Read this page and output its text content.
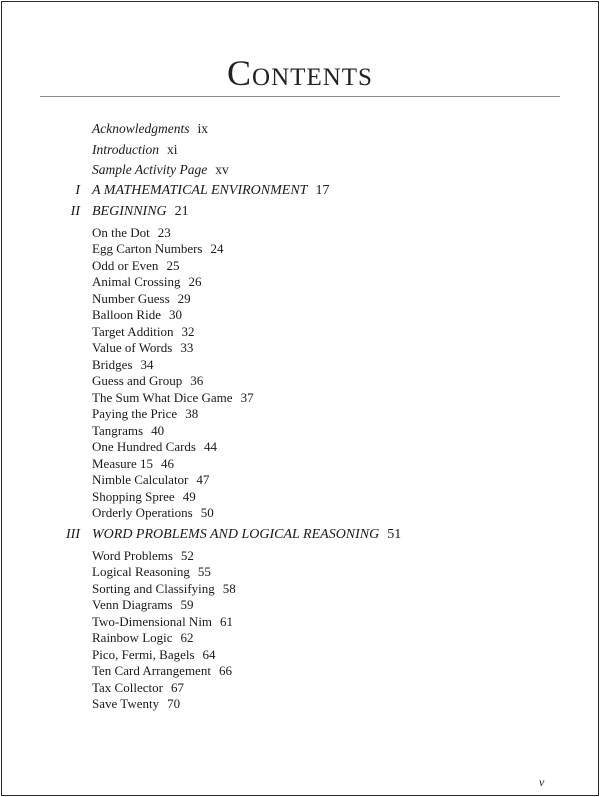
Contents
Acknowledgments ix
Introduction xi
Sample Activity Page xv
I A MATHEMATICAL ENVIRONMENT 17
II BEGINNING 21
On the Dot 23
Egg Carton Numbers 24
Odd or Even 25
Animal Crossing 26
Number Guess 29
Balloon Ride 30
Target Addition 32
Value of Words 33
Bridges 34
Guess and Group 36
The Sum What Dice Game 37
Paying the Price 38
Tangrams 40
One Hundred Cards 44
Measure 15 46
Nimble Calculator 47
Shopping Spree 49
Orderly Operations 50
III WORD PROBLEMS AND LOGICAL REASONING 51
Word Problems 52
Logical Reasoning 55
Sorting and Classifying 58
Venn Diagrams 59
Two-Dimensional Nim 61
Rainbow Logic 62
Pico, Fermi, Bagels 64
Ten Card Arrangement 66
Tax Collector 67
Save Twenty 70
v
